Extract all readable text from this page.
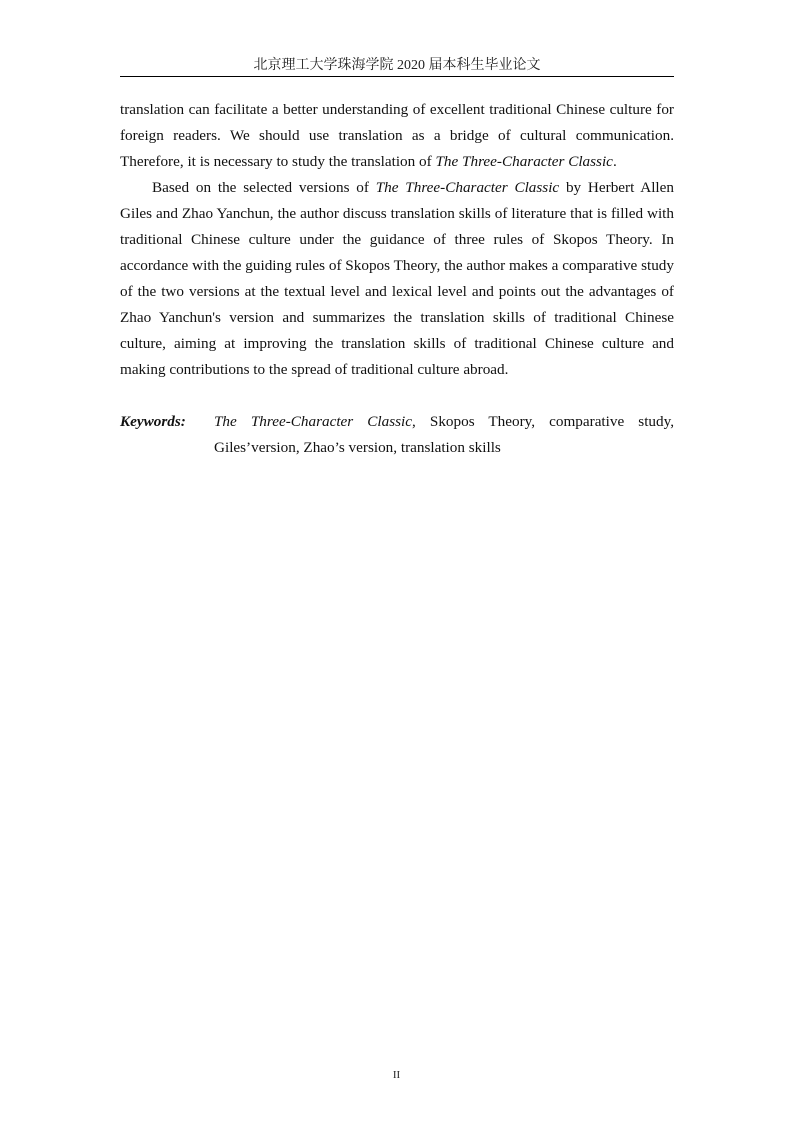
北京理工大学珠海学院 2020 届本科生毕业论文

translation can facilitate a better understanding of excellent traditional Chinese culture for foreign readers. We should use translation as a bridge of cultural communication. Therefore, it is necessary to study the translation of The Three-Character Classic.

Based on the selected versions of The Three-Character Classic by Herbert Allen Giles and Zhao Yanchun, the author discuss translation skills of literature that is filled with traditional Chinese culture under the guidance of three rules of Skopos Theory. In accordance with the guiding rules of Skopos Theory, the author makes a comparative study of the two versions at the textual level and lexical level and points out the advantages of Zhao Yanchun's version and summarizes the translation skills of traditional Chinese culture, aiming at improving the translation skills of traditional Chinese culture and making contributions to the spread of traditional culture abroad.

Keywords: The Three-Character Classic, Skopos Theory, comparative study,
Giles’version, Zhao’s version, translation skills
II
